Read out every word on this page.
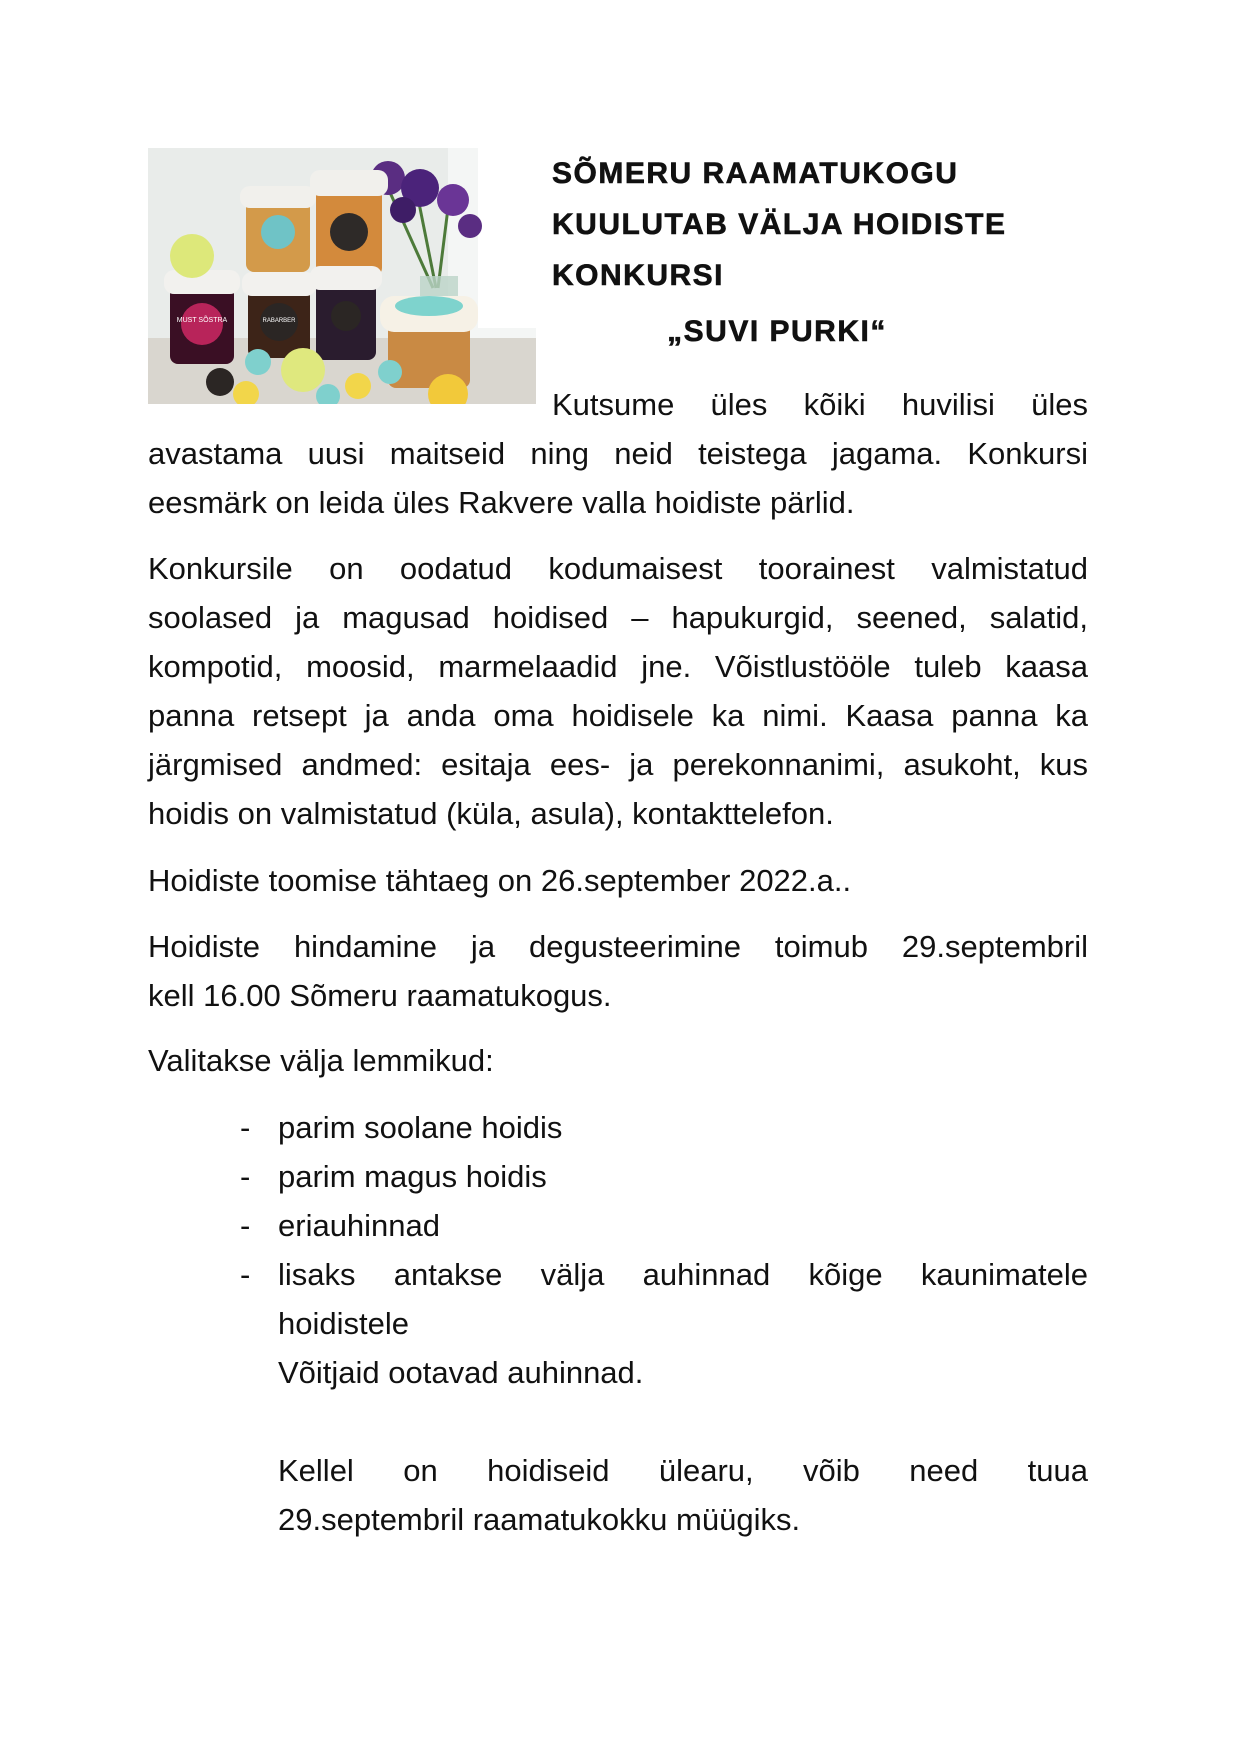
MUST SÕSTRA	RABARBER
SÕMERU RAAMATUKOGU
KUULUTAB VÄLJA HOIDISTE
KONKURSI
„SUVI PURKI“
Kutsume üles kõiki huvilisi üles
avastama uusi maitseid ning neid teistega jagama. Konkursi
eesmärk on leida üles Rakvere valla hoidiste pärlid.
Konkursile on oodatud kodumaisest toorainest valmistatud
soolased ja magusad hoidised – hapukurgid, seened, salatid,
kompotid, moosid, marmelaadid jne. Võistlustööle tuleb kaasa
panna retsept ja anda oma hoidisele ka nimi. Kaasa panna ka
järgmised andmed: esitaja ees- ja perekonnanimi, asukoht, kus
hoidis on valmistatud (küla, asula), kontakttelefon.
Hoidiste toomise tähtaeg on 26.september 2022.a..
Hoidiste hindamine ja degusteerimine toimub 29.septembril
kell 16.00 Sõmeru raamatukogus.
Valitakse välja lemmikud:
- parim soolane hoidis
- parim magus hoidis
- eriauhinnad
- lisaks antakse välja auhinnad kõige kaunimatele
hoidistele
Võitjaid ootavad auhinnad.
Kellel on hoidiseid ülearu, võib need tuua
29.septembril raamatukokku müügiks.
